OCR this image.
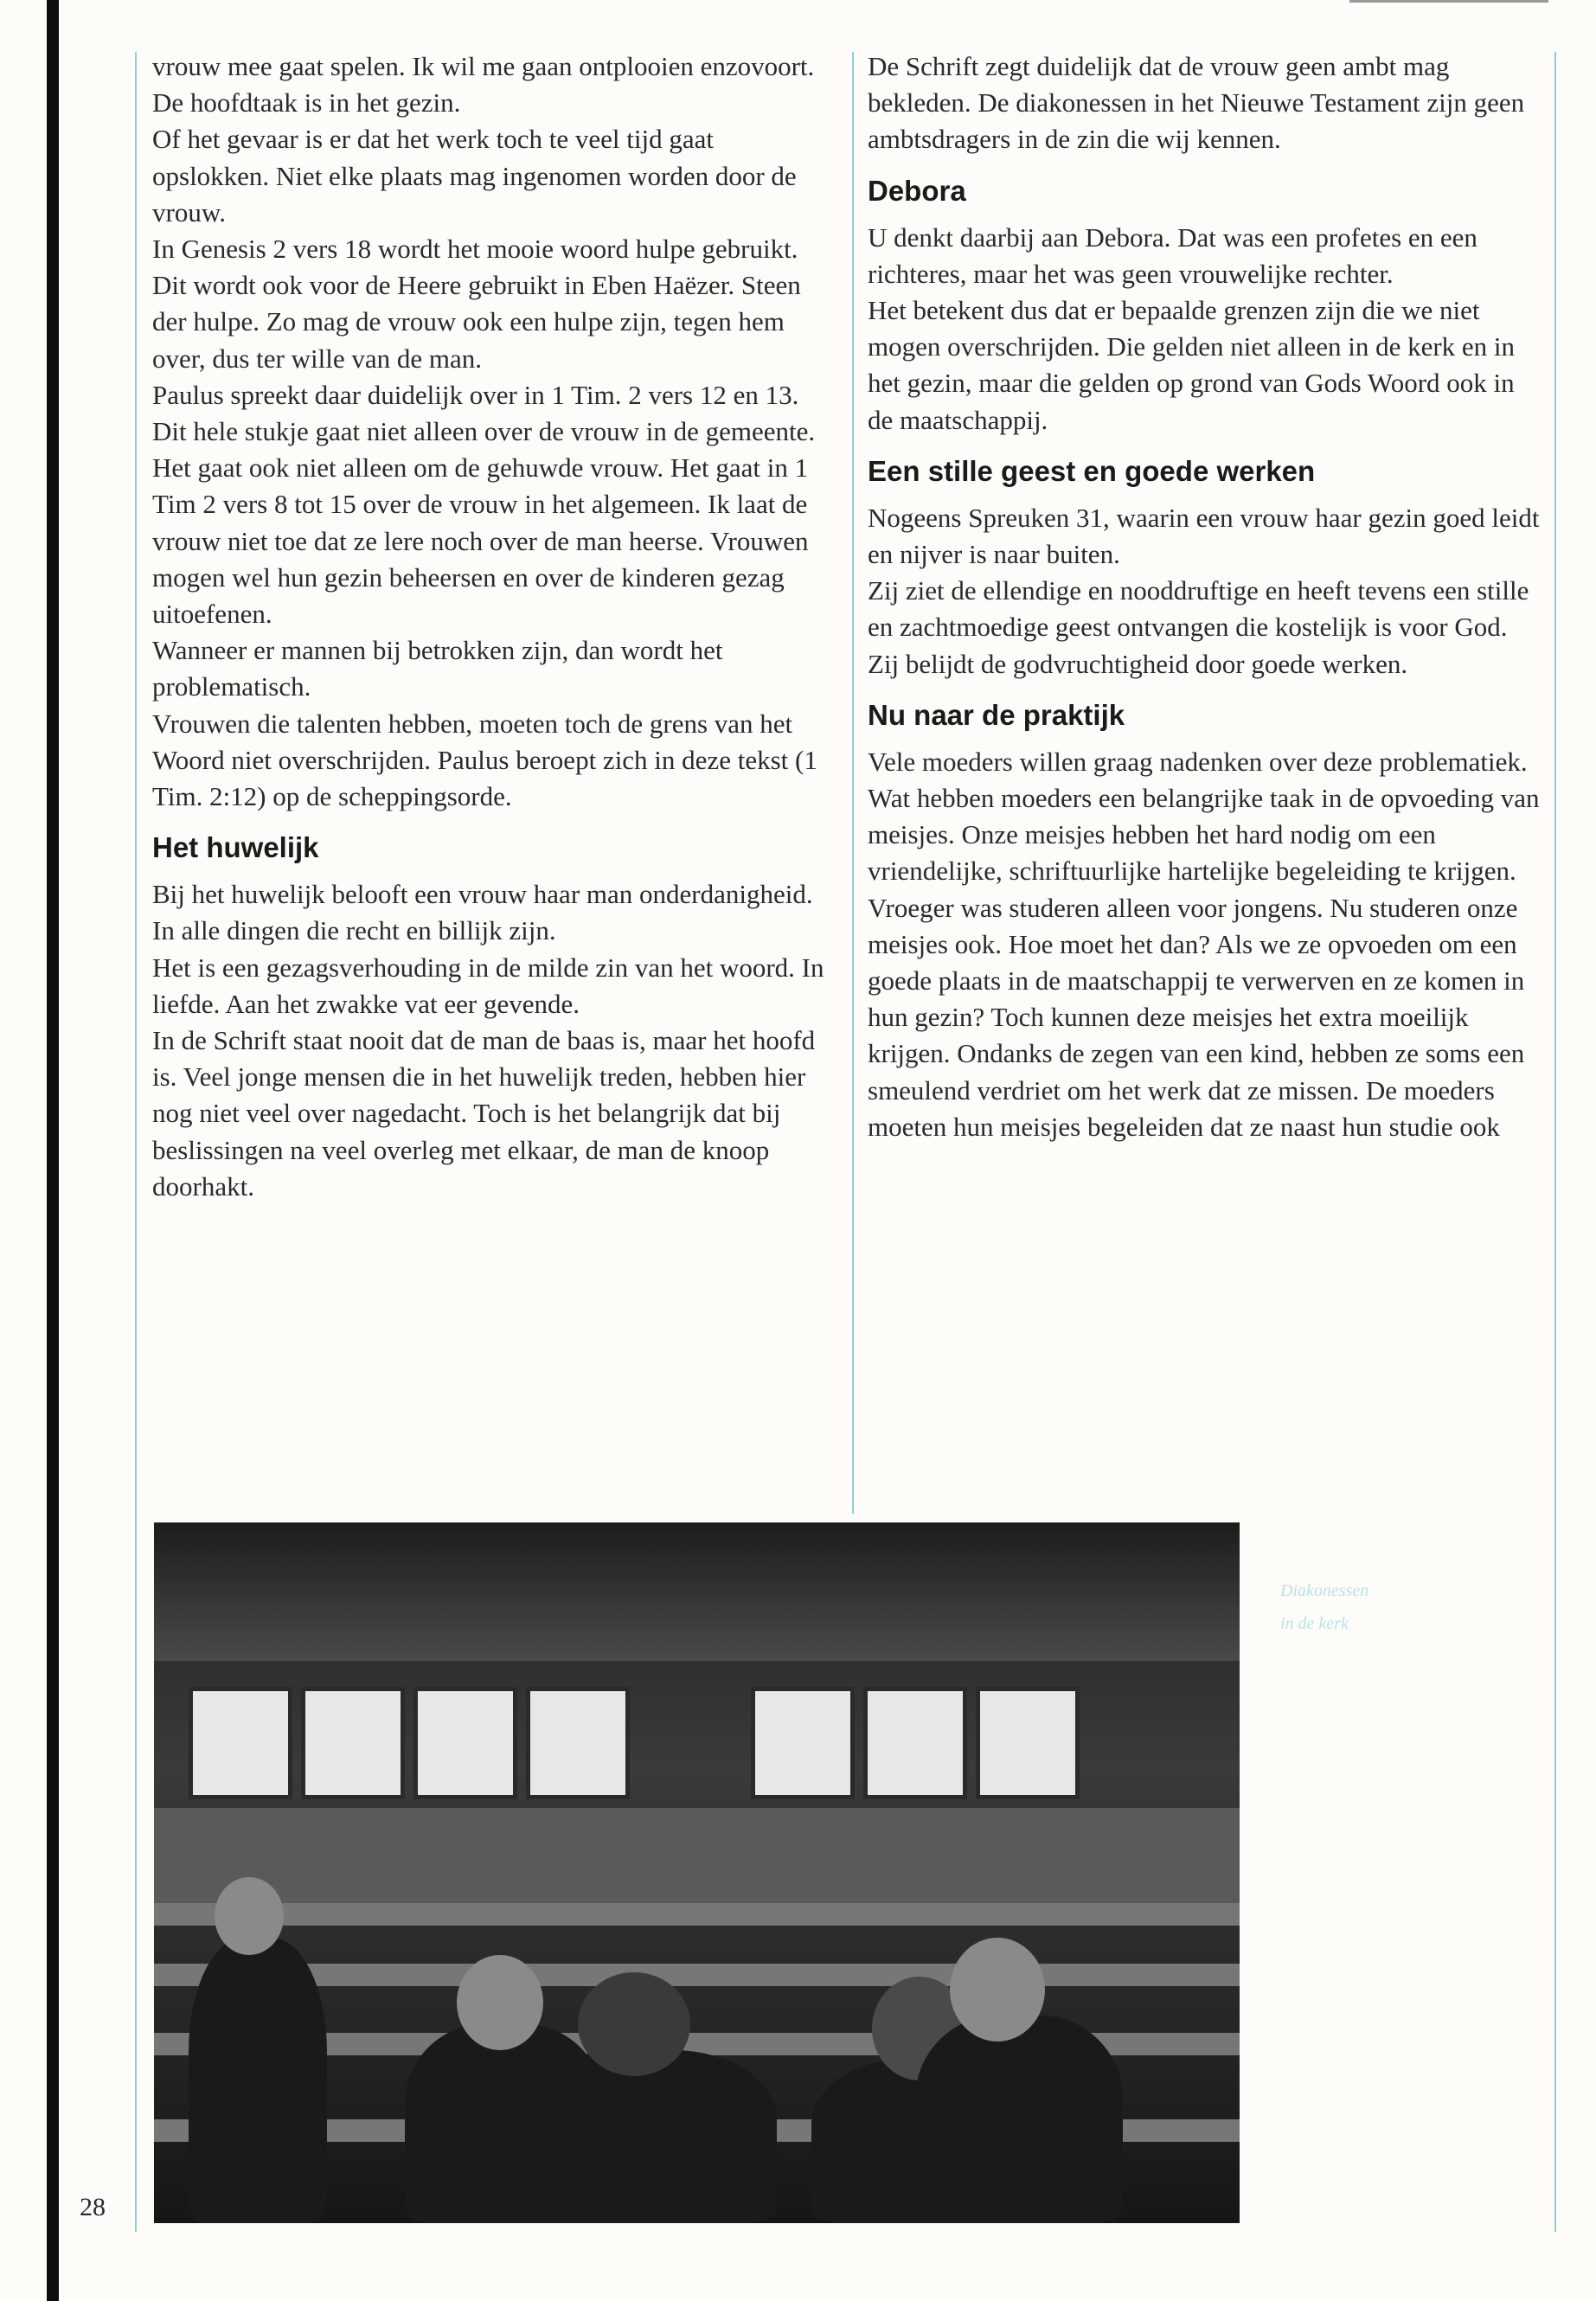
vrouw mee gaat spelen. Ik wil me gaan ontplooien enzovoort. De hoofdtaak is in het gezin.

Of het gevaar is er dat het werk toch te veel tijd gaat opslokken. Niet elke plaats mag ingenomen worden door de vrouw.

In Genesis 2 vers 18 wordt het mooie woord hulpe gebruikt. Dit wordt ook voor de Heere gebruikt in Eben Haëzer. Steen der hulpe. Zo mag de vrouw ook een hulpe zijn, tegen hem over, dus ter wille van de man.

Paulus spreekt daar duidelijk over in 1 Tim. 2 vers 12 en 13. Dit hele stukje gaat niet alleen over de vrouw in de gemeente. Het gaat ook niet alleen om de gehuwde vrouw. Het gaat in 1 Tim 2 vers 8 tot 15 over de vrouw in het algemeen. Ik laat de vrouw niet toe dat ze lere noch over de man heerse. Vrouwen mogen wel hun gezin beheersen en over de kinderen gezag uitoefenen.

Wanneer er mannen bij betrokken zijn, dan wordt het problematisch.

Vrouwen die talenten hebben, moeten toch de grens van het Woord niet overschrijden. Paulus beroept zich in deze tekst (1 Tim. 2:12) op de scheppingsorde.

Het huwelijk

Bij het huwelijk belooft een vrouw haar man onderdanigheid. In alle dingen die recht en billijk zijn.

Het is een gezagsverhouding in de milde zin van het woord. In liefde. Aan het zwakke vat eer gevende.

In de Schrift staat nooit dat de man de baas is, maar het hoofd is. Veel jonge mensen die in het huwelijk treden, hebben hier nog niet veel over nagedacht. Toch is het belangrijk dat bij beslissingen na veel overleg met elkaar, de man de knoop doorhakt.

De Schrift zegt duidelijk dat de vrouw geen ambt mag bekleden. De diakonessen in het Nieuwe Testament zijn geen ambtsdragers in de zin die wij kennen.

Debora

U denkt daarbij aan Debora. Dat was een profetes en een richteres, maar het was geen vrouwelijke rechter.

Het betekent dus dat er bepaalde grenzen zijn die we niet mogen overschrijden. Die gelden niet alleen in de kerk en in het gezin, maar die gelden op grond van Gods Woord ook in de maatschappij.

Een stille geest en goede werken

Nogeens Spreuken 31, waarin een vrouw haar gezin goed leidt en nijver is naar buiten.

Zij ziet de ellendige en nooddruftige en heeft tevens een stille en zachtmoedige geest ontvangen die kostelijk is voor God. Zij belijdt de godvruchtigheid door goede werken.

Nu naar de praktijk

Vele moeders willen graag nadenken over deze problematiek. Wat hebben moeders een belangrijke taak in de opvoeding van meisjes. Onze meisjes hebben het hard nodig om een vriendelijke, schriftuurlijke hartelijke begeleiding te krijgen. Vroeger was studeren alleen voor jongens. Nu studeren onze meisjes ook. Hoe moet het dan? Als we ze opvoeden om een goede plaats in de maatschappij te verwerven en ze komen in hun gezin? Toch kunnen deze meisjes het extra moeilijk krijgen. Ondanks de zegen van een kind, hebben ze soms een smeulend verdriet om het werk dat ze missen. De moeders moeten hun meisjes begeleiden dat ze naast hun studie ook

Diakonessen
in de kerk
28
